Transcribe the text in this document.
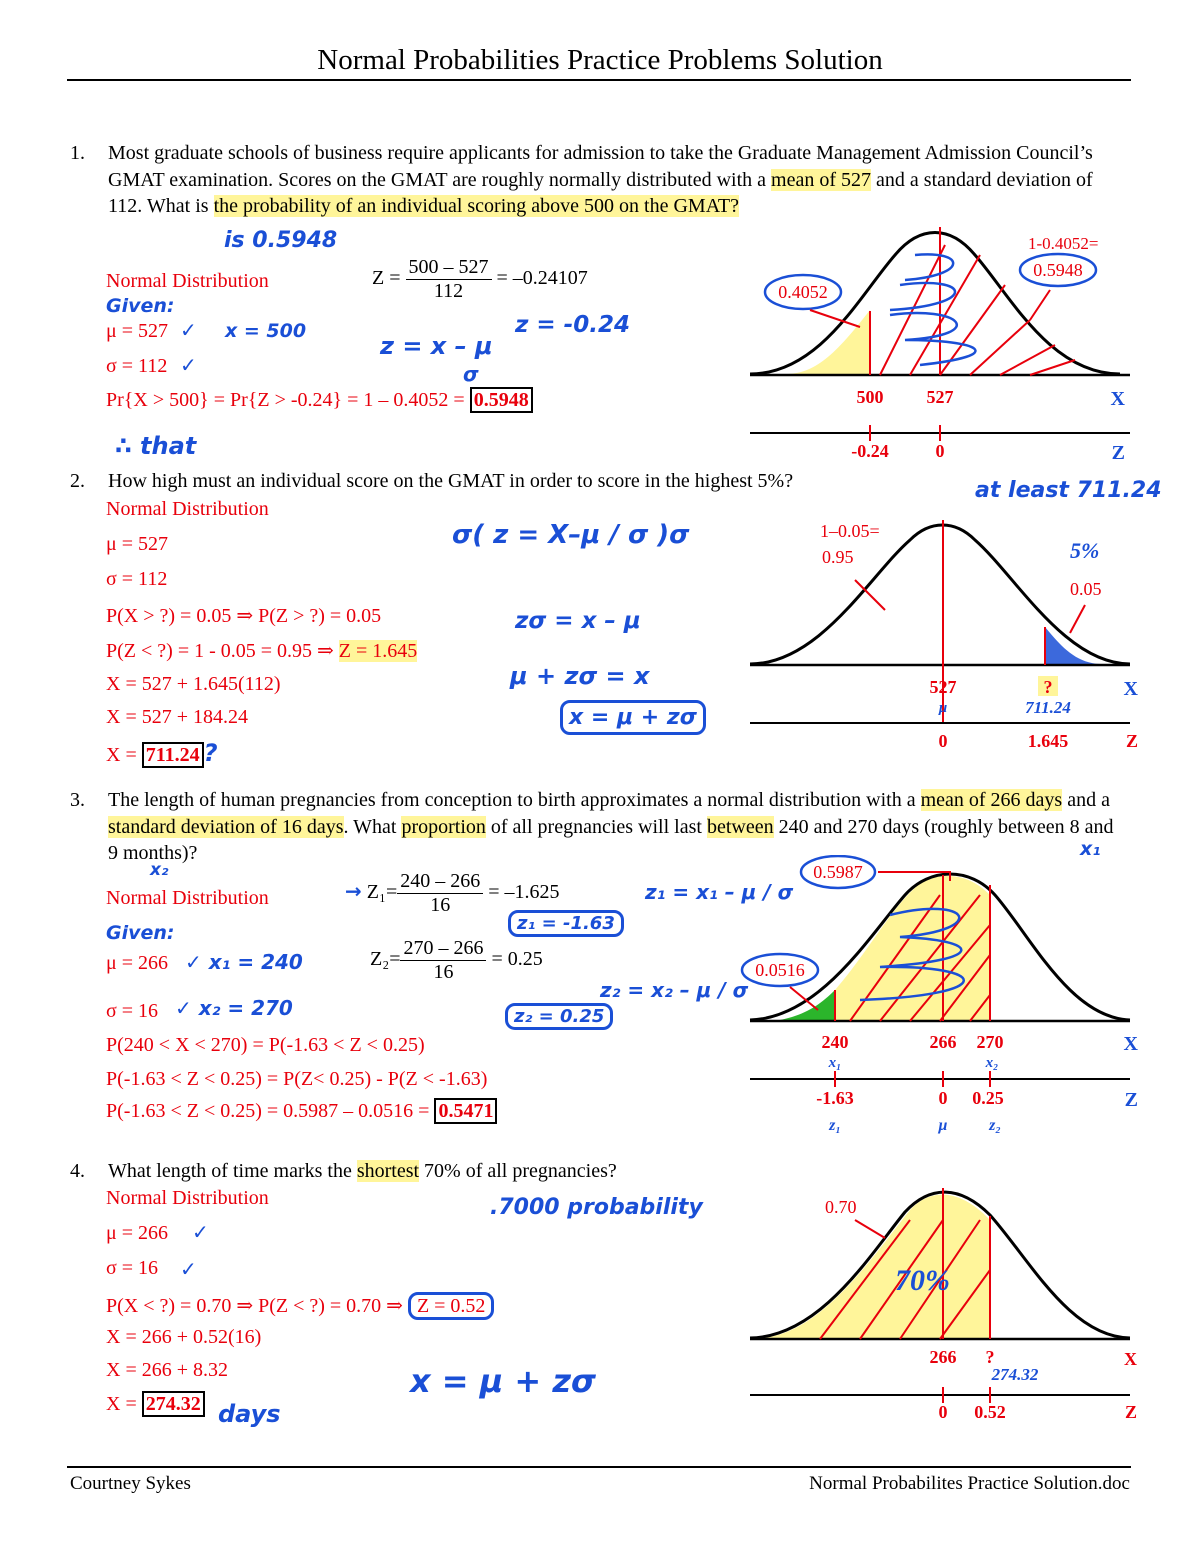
Normal Probabilities Practice Problems Solution
1. Most graduate schools of business require applicants for admission to take the Graduate Management Admission Council’s GMAT examination. Scores on the GMAT are roughly normally distributed with a mean of 527 and a standard deviation of 112. What is the probability of an individual scoring above 500 on the GMAT?
is 0.5948
Normal Distribution
Given:
μ = 527 ✓ x = 500
σ = 112 ✓
Pr{X > 500} = Pr{Z > -0.24} = 1 – 0.4052 = 0.5948
∴ that
$Z = \frac{500 - 527}{112} = -0.24107$
z = -0.24
z = x – μ
σ
0.4052
1-0.4052=
0.5948
500 527	X
-0.24	0	Z
2. How high must an individual score on the GMAT in order to score in the highest 5%?	at least 711.24
Normal Distribution
μ = 527
σ = 112
P(X > ?) = 0.05 ⇒ P(Z > ?) = 0.05
P(Z < ?) = 1 - 0.05 = 0.95 ⇒ Z = 1.645
X = 527 + 1.645(112)
X = 527 + 184.24
X = 711.24 ?
σ( z = X–μ / σ )σ
zσ = x – μ
μ + zσ = x
x = μ + zσ
1–0.05=
0.95	5%
0.05
527
μ
?
711.24
X
0	1.645	Z
3. The length of human pregnancies from conception to birth approximates a normal distribution with a mean of 266 days and a standard deviation of 16 days. What proportion of all pregnancies will last between 240 and 270 days (roughly between 8 and 9 months)?
x₂
x₁
Normal Distribution
Given:
μ = 266 ✓ x₁ = 240
σ = 16 ✓ x₂ = 270
P(240 < X < 270) = P(-1.63 < Z < 0.25)
P(-1.63 < Z < 0.25) = P(Z< 0.25) - P(Z < -1.63)
P(-1.63 < Z < 0.25) = 0.5987 – 0.0516 = 0.5471
→ $Z_1= \frac{240 - 266}{16} = -1.625$
$Z_2= \frac{270 - 266}{16} = 0.25$
z₁ = -1.63
z₂ = 0.25
z₁ = x₁ – μ / σ
z₂ = x₂ – μ / σ
0.5987
0.0516
240	266 270
x₁	x₂
X
-1.63	0 0.25
z₁	μ	z₂
Z
4. What length of time marks the shortest 70% of all pregnancies?
Normal Distribution
μ = 266 ✓
σ = 16 ✓
.7000 probability
P(X < ?) = 0.70 ⇒ P(Z < ?) = 0.70 ⇒ Z = 0.52
X = 266 + 0.52(16)
X = 266 + 8.32
X = 274.32 days
x = μ + zσ
0.70
70%
266 ?
274.32
X
0 0.52	Z
Courtney Sykes	Normal Probabilites Practice Solution.doc
